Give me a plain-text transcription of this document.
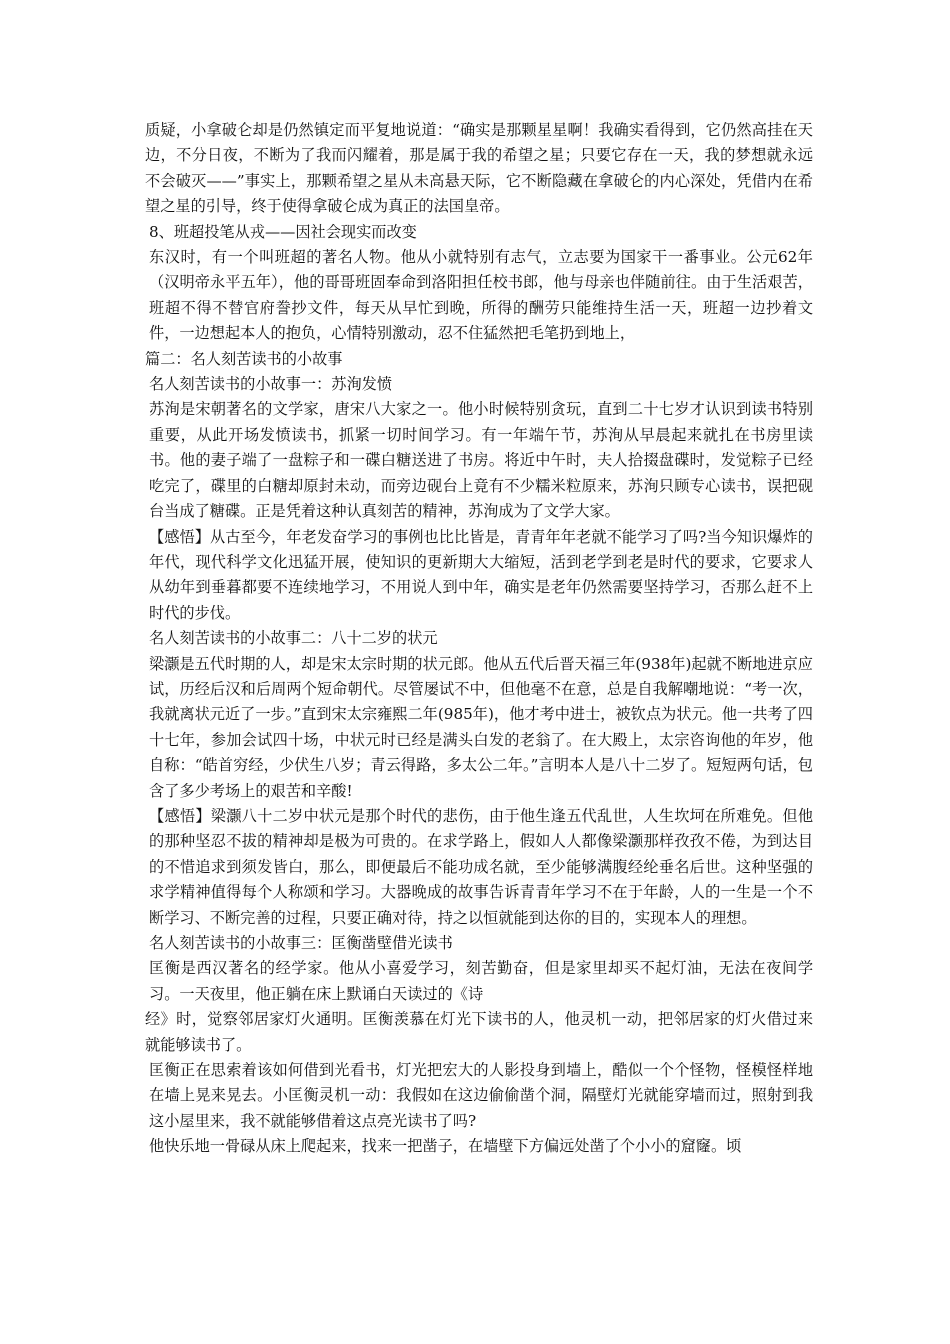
质疑，小拿破仑却是仍然镇定而平复地说道：“确实是那颗星星啊！我确实看得到，它仍然高挂在天边，不分日夜，不断为了我而闪耀着，那是属于我的希望之星；只要它存在一天，我的梦想就永远不会破灭——”事实上，那颗希望之星从未高悬天际，它不断隐藏在拿破仑的内心深处，凭借内在希望之星的引导，终于使得拿破仑成为真正的法国皇帝。

8、班超投笔从戎——因社会现实而改变

东汉时，有一个叫班超的著名人物。他从小就特别有志气，立志要为国家干一番事业。公元62年（汉明帝永平五年），他的哥哥班固奉命到洛阳担任校书郎，他与母亲也伴随前往。由于生活艰苦，班超不得不替官府誊抄文件，每天从早忙到晚，所得的酬劳只能维持生活一天，班超一边抄着文件，一边想起本人的抱负，心情特别激动，忍不住猛然把毛笔扔到地上，

篇二：名人刻苦读书的小故事

名人刻苦读书的小故事一：苏洵发愤

苏洵是宋朝著名的文学家，唐宋八大家之一。他小时候特别贪玩，直到二十七岁才认识到读书特别重要，从此开场发愤读书，抓紧一切时间学习。有一年端午节，苏洵从早晨起来就扎在书房里读书。他的妻子端了一盘粽子和一碟白糖送进了书房。将近中午时，夫人拾掇盘碟时，发觉粽子已经吃完了，碟里的白糖却原封未动，而旁边砚台上竟有不少糯米粒原来，苏洵只顾专心读书，误把砚台当成了糖碟。正是凭着这种认真刻苦的精神，苏洵成为了文学大家。

【感悟】从古至今，年老发奋学习的事例也比比皆是，青青年年老就不能学习了吗?当今知识爆炸的年代，现代科学文化迅猛开展，使知识的更新期大大缩短，活到老学到老是时代的要求，它要求人从幼年到垂暮都要不连续地学习，不用说人到中年，确实是老年仍然需要坚持学习，否那么赶不上时代的步伐。

名人刻苦读书的小故事二：八十二岁的状元

梁灏是五代时期的人，却是宋太宗时期的状元郎。他从五代后晋天福三年(938年)起就不断地进京应试，历经后汉和后周两个短命朝代。尽管屡试不中，但他毫不在意，总是自我解嘲地说：“考一次，我就离状元近了一步。”直到宋太宗雍熙二年(985年)，他才考中进士，被钦点为状元。他一共考了四十七年，参加会试四十场，中状元时已经是满头白发的老翁了。在大殿上，太宗咨询他的年岁，他自称：“皓首穷经，少伏生八岁；青云得路，多太公二年。”言明本人是八十二岁了。短短两句话，包含了多少考场上的艰苦和辛酸!

【感悟】梁灏八十二岁中状元是那个时代的悲伤，由于他生逢五代乱世，人生坎坷在所难免。但他的那种坚忍不拔的精神却是极为可贵的。在求学路上，假如人人都像梁灏那样孜孜不倦，为到达目的不惜追求到须发皆白，那么，即便最后不能功成名就，至少能够满腹经纶垂名后世。这种坚强的求学精神值得每个人称颂和学习。大器晚成的故事告诉青青年学习不在于年龄，人的一生是一个不断学习、不断完善的过程，只要正确对待，持之以恒就能到达你的目的，实现本人的理想。

名人刻苦读书的小故事三：匡衡凿壁借光读书

匡衡是西汉著名的经学家。他从小喜爱学习，刻苦勤奋，但是家里却买不起灯油，无法在夜间学习。一天夜里，他正躺在床上默诵白天读过的《诗

经》时，觉察邻居家灯火通明。匡衡羡慕在灯光下读书的人，他灵机一动，把邻居家的灯火借过来就能够读书了。

匡衡正在思索着该如何借到光看书，灯光把宏大的人影投身到墙上，酷似一个个怪物，怪模怪样地在墙上晃来晃去。小匡衡灵机一动：我假如在这边偷偷凿个洞，隔壁灯光就能穿墙而过，照射到我这小屋里来，我不就能够借着这点亮光读书了吗?

他快乐地一骨碌从床上爬起来，找来一把凿子，在墙壁下方偏远处凿了个小小的窟窿。顷
